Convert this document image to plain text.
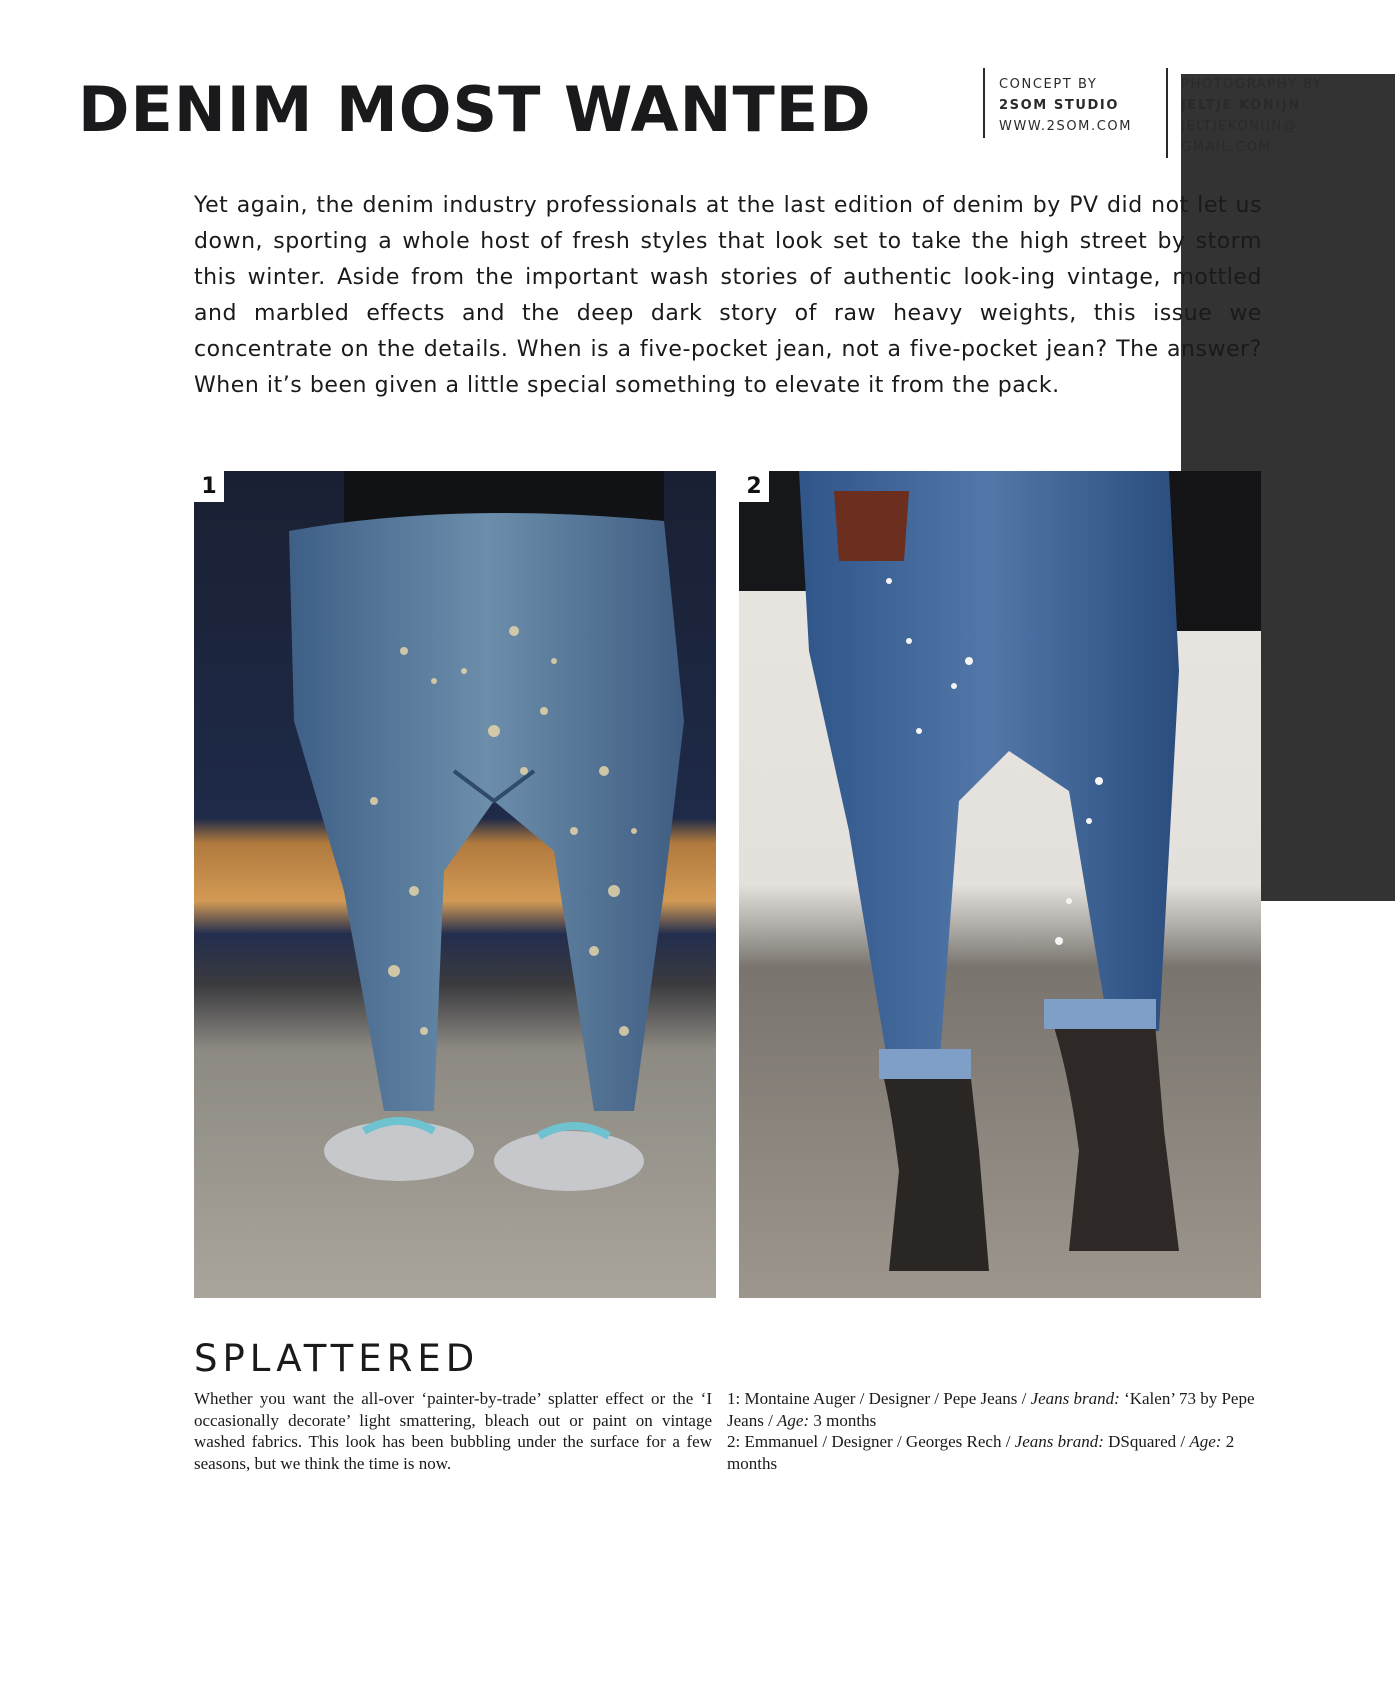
DENIM MOST WANTED	CONCEPT BY
2SOM STUDIO
WWW.2SOM.COM
PHOTOGRAPHY BY
JELTJE KONIJN
JELTJEKONIJN@
GMAIL.COM

Yet again, the denim industry professionals at the last edition of denim by PV did not let us down, sporting a whole host of fresh styles that look set to take the high street by storm this winter. Aside from the important wash stories of authentic look-ing vintage, mottled and marbled effects and the deep dark story of raw heavy weights, this issue we concentrate on the details. When is a five-pocket jean, not a five-pocket jean? The answer? When it’s been given a little special something to elevate it from the pack.

1	2
SPLATTERED

Whether you want the all-over ‘painter-by-trade’ splatter effect or the ‘I occasionally decorate’ light smattering, bleach out or paint on vintage washed fabrics. This look has been bubbling under the surface for a few seasons, but we think the time is now.

1: Montaine Auger / Designer / Pepe Jeans / Jeans brand: ‘Kalen’ 73 by Pepe Jeans / Age: 3 months
2: Emmanuel / Designer / Georges Rech / Jeans brand: DSquared / Age: 2 months
